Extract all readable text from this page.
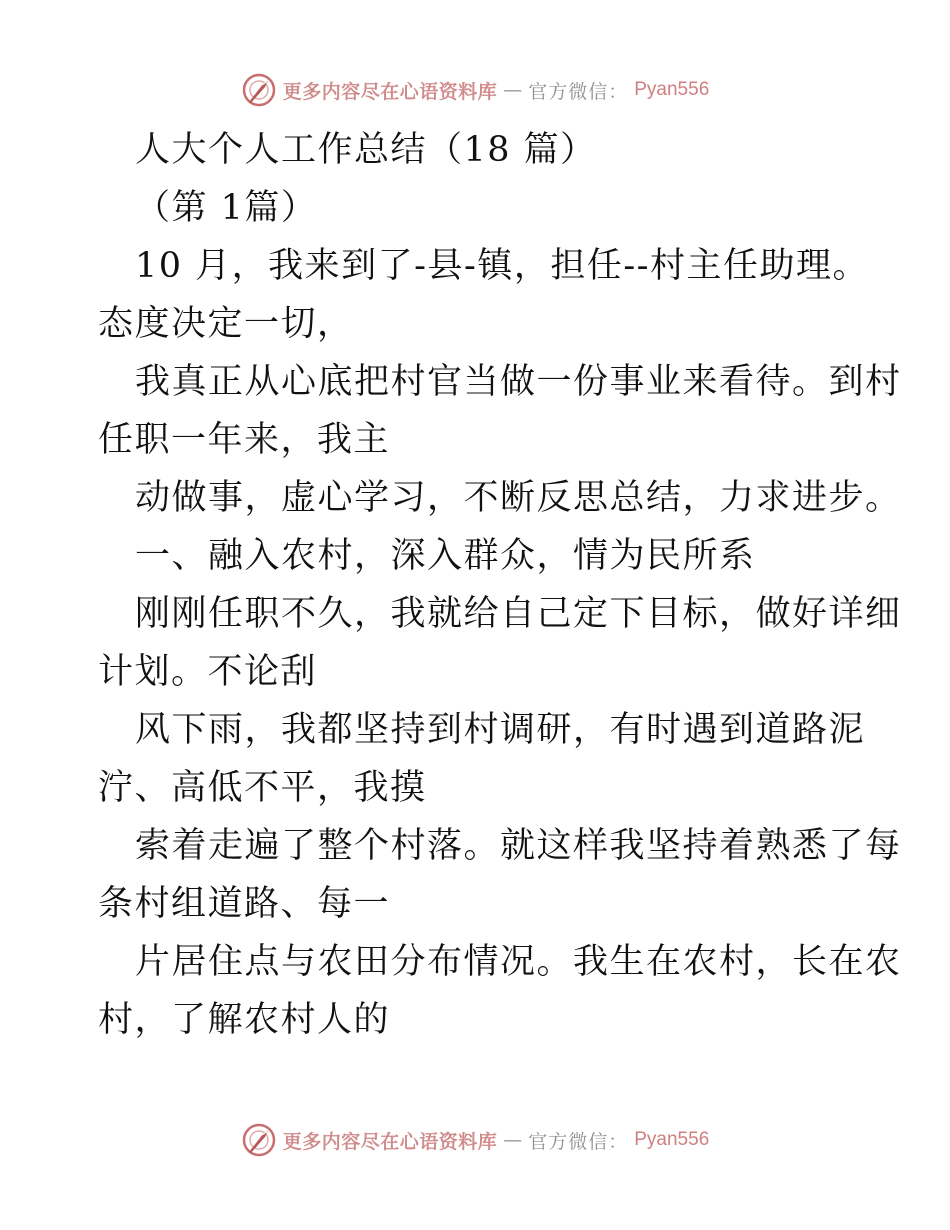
更多内容尽在心语资料库 — 官方微信： Pyan556
人大个人工作总结（18 篇）
（第 1篇）
10 月，我来到了-县-镇，担任--村主任助理。
态度决定一切，
我真正从心底把村官当做一份事业来看待。到村
任职一年来，我主
动做事，虚心学习，不断反思总结，力求进步。
一、融入农村，深入群众，情为民所系
刚刚任职不久，我就给自己定下目标，做好详细
计划。不论刮
风下雨，我都坚持到村调研，有时遇到道路泥
泞、高低不平，我摸
索着走遍了整个村落。就这样我坚持着熟悉了每
条村组道路、每一
片居住点与农田分布情况。我生在农村，长在农
村，了解农村人的
更多内容尽在心语资料库 — 官方微信： Pyan556
